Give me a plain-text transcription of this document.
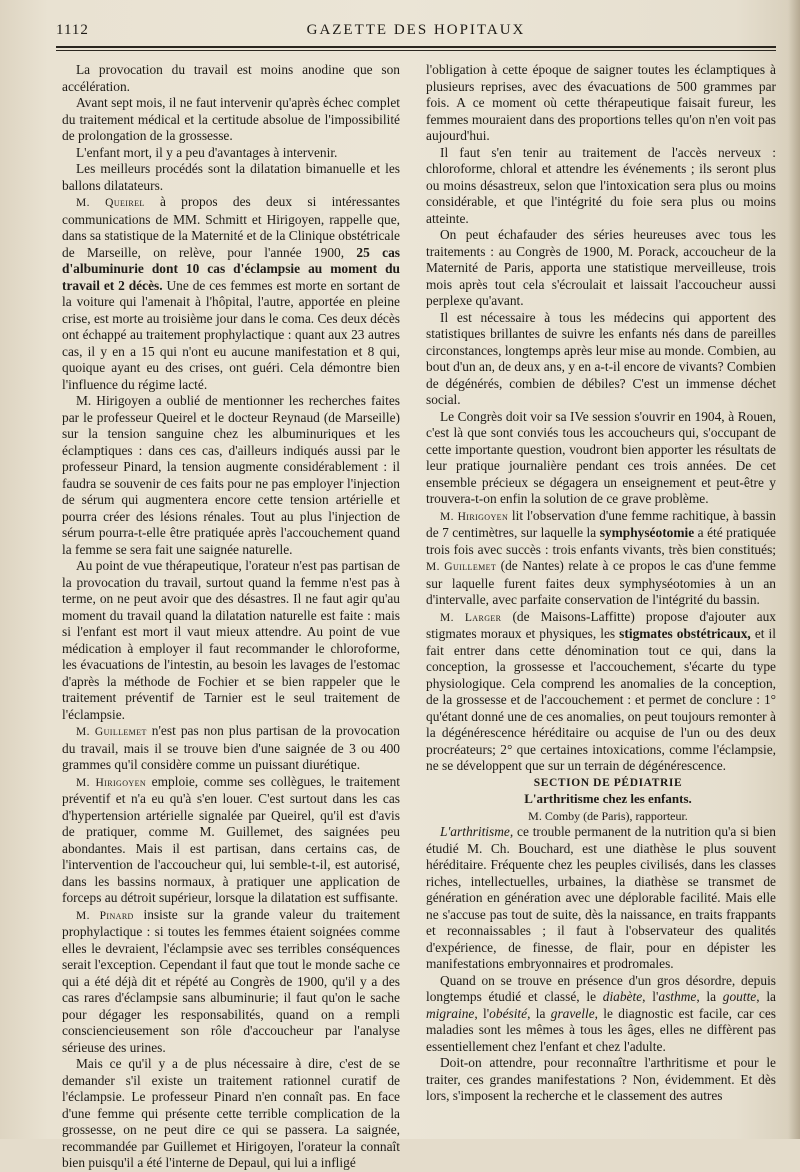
1112	GAZETTE DES HOPITAUX

La provocation du travail est moins anodine que son accélération.

Avant sept mois, il ne faut intervenir qu'après échec complet du traitement médical et la certitude absolue de l'impossibilité de prolongation de la grossesse.

L'enfant mort, il y a peu d'avantages à intervenir.

Les meilleurs procédés sont la dilatation bimanuelle et les ballons dilatateurs.

M. Queirel à propos des deux si intéressantes communications de MM. Schmitt et Hirigoyen, rappelle que, dans sa statistique de la Maternité et de la Clinique obstétricale de Marseille, on relève, pour l'année 1900, 25 cas d'albuminurie dont 10 cas d'éclampsie au moment du travail et 2 décès. Une de ces femmes est morte en sortant de la voiture qui l'amenait à l'hôpital, l'autre, apportée en pleine crise, est morte au troisième jour dans le coma. Ces deux décès ont échappé au traitement prophylactique : quant aux 23 autres cas, il y en a 15 qui n'ont eu aucune manifestation et 8 qui, quoique ayant eu des crises, ont guéri. Cela démontre bien l'influence du régime lacté.

M. Hirigoyen a oublié de mentionner les recherches faites par le professeur Queirel et le docteur Reynaud (de Marseille) sur la tension sanguine chez les albuminuriques et les éclamptiques : dans ces cas, d'ailleurs indiqués aussi par le professeur Pinard, la tension augmente considérablement : il faudra se souvenir de ces faits pour ne pas employer l'injection de sérum qui augmentera encore cette tension artérielle et pourra créer des lésions rénales. Tout au plus l'injection de sérum pourra-t-elle être pratiquée après l'accouchement quand la femme se sera fait une saignée naturelle.

Au point de vue thérapeutique, l'orateur n'est pas partisan de la provocation du travail, surtout quand la femme n'est pas à terme, on ne peut avoir que des désastres. Il ne faut agir qu'au moment du travail quand la dilatation naturelle est faite : mais si l'enfant est mort il vaut mieux attendre. Au point de vue médication à employer il faut recommander le chloroforme, les évacuations de l'intestin, au besoin les lavages de l'estomac d'après la méthode de Fochier et se bien rappeler que le traitement préventif de Tarnier est le seul traitement de l'éclampsie.

M. Guillemet n'est pas non plus partisan de la provocation du travail, mais il se trouve bien d'une saignée de 3 ou 400 grammes qu'il considère comme un puissant diurétique.

M. Hirigoyen emploie, comme ses collègues, le traitement préventif et n'a eu qu'à s'en louer. C'est surtout dans les cas d'hypertension artérielle signalée par Queirel, qu'il est d'avis de pratiquer, comme M. Guillemet, des saignées peu abondantes. Mais il est partisan, dans certains cas, de l'intervention de l'accoucheur qui, lui semble-t-il, est autorisé, dans les bassins normaux, à pratiquer une application de forceps au détroit supérieur, lorsque la dilatation est suffisante.

M. Pinard insiste sur la grande valeur du traitement prophylactique : si toutes les femmes étaient soignées comme elles le devraient, l'éclampsie avec ses terribles conséquences serait l'exception. Cependant il faut que tout le monde sache ce qui a été déjà dit et répété au Congrès de 1900, qu'il y a des cas rares d'éclampsie sans albuminurie; il faut qu'on le sache pour dégager les responsabilités, quand on a rempli consciencieusement son rôle d'accoucheur par l'analyse sérieuse des urines.

Mais ce qu'il y a de plus nécessaire à dire, c'est de se demander s'il existe un traitement rationnel curatif de l'éclampsie. Le professeur Pinard n'en connaît pas. En face d'une femme qui présente cette terrible complication de la grossesse, on ne peut dire ce qui se passera. La saignée, recommandée par Guillemet et Hirigoyen, l'orateur la connaît bien puisqu'il a été l'interne de Depaul, qui lui a infligé

l'obligation à cette époque de saigner toutes les éclamptiques à plusieurs reprises, avec des évacuations de 500 grammes par fois. A ce moment où cette thérapeutique faisait fureur, les femmes mouraient dans des proportions telles qu'on n'en voit pas aujourd'hui.

Il faut s'en tenir au traitement de l'accès nerveux : chloroforme, chloral et attendre les événements ; ils seront plus ou moins désastreux, selon que l'intoxication sera plus ou moins considérable, et que l'intégrité du foie sera plus ou moins atteinte.

On peut échafauder des séries heureuses avec tous les traitements : au Congrès de 1900, M. Porack, accoucheur de la Maternité de Paris, apporta une statistique merveilleuse, trois mois après tout cela s'écroulait et laissait l'accoucheur aussi perplexe qu'avant.

Il est nécessaire à tous les médecins qui apportent des statistiques brillantes de suivre les enfants nés dans de pareilles circonstances, longtemps après leur mise au monde. Combien, au bout d'un an, de deux ans, y en a-t-il encore de vivants? Combien de dégénérés, combien de débiles? C'est un immense déchet social.

Le Congrès doit voir sa IVe session s'ouvrir en 1904, à Rouen, c'est là que sont conviés tous les accoucheurs qui, s'occupant de cette importante question, voudront bien apporter les résultats de leur pratique journalière pendant ces trois années. De cet ensemble précieux se dégagera un enseignement et peut-être y trouvera-t-on enfin la solution de ce grave problème.

M. Hirigoyen lit l'observation d'une femme rachitique, à bassin de 7 centimètres, sur laquelle la symphyséotomie a été pratiquée trois fois avec succès : trois enfants vivants, très bien constitués; M. Guillemet (de Nantes) relate à ce propos le cas d'une femme sur laquelle furent faites deux symphyséotomies à un an d'intervalle, avec parfaite conservation de l'intégrité du bassin.

M. Larger (de Maisons-Laffitte) propose d'ajouter aux stigmates moraux et physiques, les stigmates obstétricaux, et il fait entrer dans cette dénomination tout ce qui, dans la conception, la grossesse et l'accouchement, s'écarte du type physiologique. Cela comprend les anomalies de la conception, de la grossesse et de l'accouchement : et permet de conclure : 1° qu'étant donné une de ces anomalies, on peut toujours remonter à la dégénérescence héréditaire ou acquise de l'un ou des deux procréateurs; 2° que certaines intoxications, comme l'éclampsie, ne se développent que sur un terrain de dégénérescence.

SECTION DE PÉDIATRIE

L'arthritisme chez les enfants.

M. Comby (de Paris), rapporteur.

L'arthritisme, ce trouble permanent de la nutrition qu'a si bien étudié M. Ch. Bouchard, est une diathèse le plus souvent héréditaire. Fréquente chez les peuples civilisés, dans les classes riches, intellectuelles, urbaines, la diathèse se transmet de génération en génération avec une déplorable facilité. Mais elle ne s'accuse pas tout de suite, dès la naissance, en traits frappants et reconnaissables ; il faut à l'observateur des qualités d'expérience, de finesse, de flair, pour en dépister les manifestations embryonnaires et prodromales.

Quand on se trouve en présence d'un gros désordre, depuis longtemps étudié et classé, le diabète, l'asthme, la goutte, la migraine, l'obésité, la gravelle, le diagnostic est facile, car ces maladies sont les mêmes à tous les âges, elles ne diffèrent pas essentiellement chez l'enfant et chez l'adulte.

Doit-on attendre, pour reconnaître l'arthritisme et pour le traiter, ces grandes manifestations ? Non, évidemment. Et dès lors, s'imposent la recherche et le classement des autres
